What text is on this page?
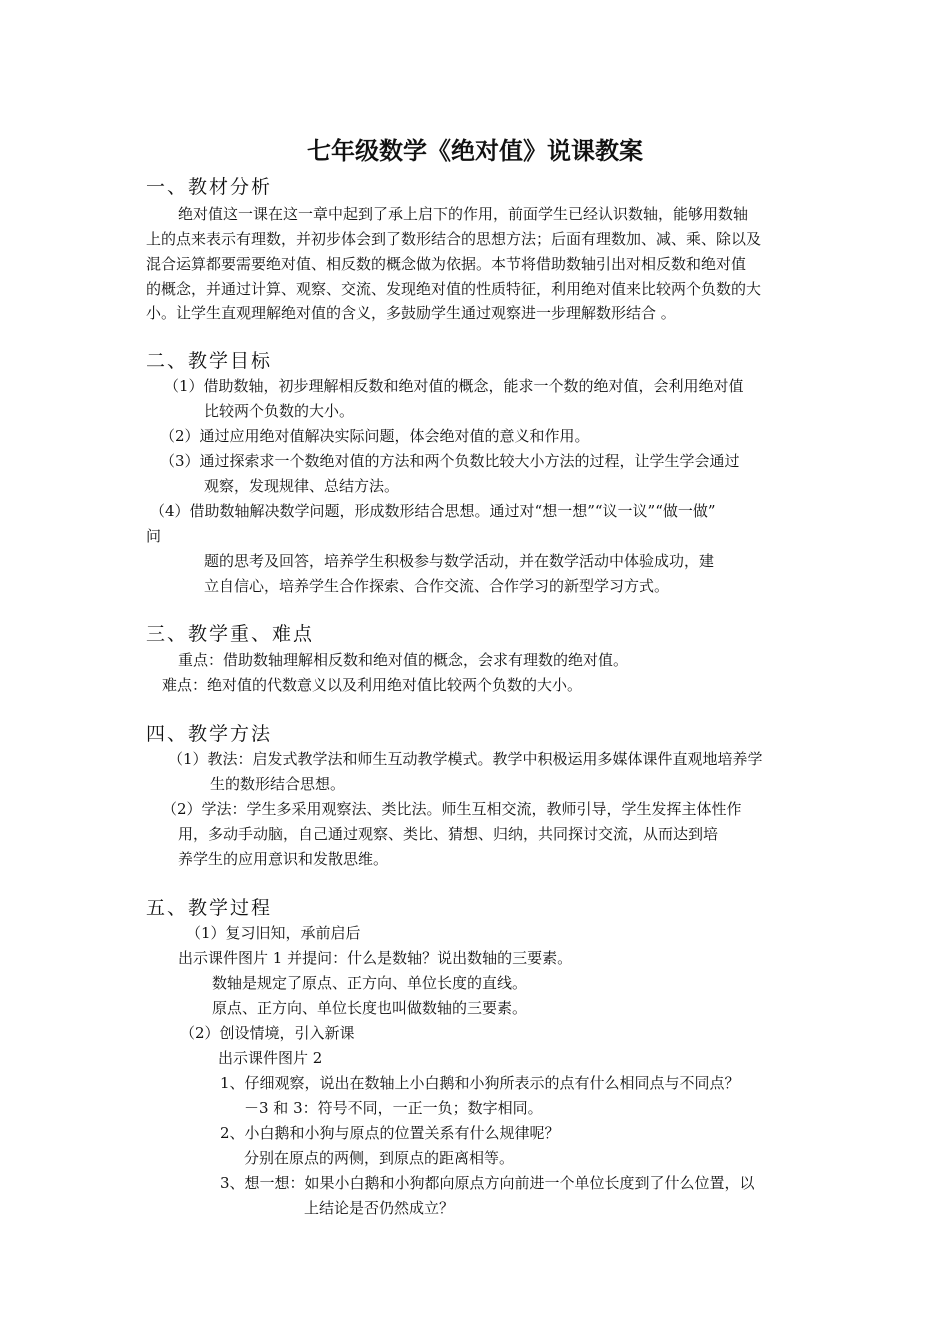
七年级数学《绝对值》说课教案
一、教材分析
绝对值这一课在这一章中起到了承上启下的作用，前面学生已经认识数轴，能够用数轴
上的点来表示有理数，并初步体会到了数形结合的思想方法；后面有理数加、减、乘、除以及
混合运算都要需要绝对值、相反数的概念做为依据。本节将借助数轴引出对相反数和绝对值
的概念，并通过计算、观察、交流、发现绝对值的性质特征，利用绝对值来比较两个负数的大
小。让学生直观理解绝对值的含义，多鼓励学生通过观察进一步理解数形结合 。
二、教学目标
（1）借助数轴，初步理解相反数和绝对值的概念，能求一个数的绝对值，会利用绝对值
比较两个负数的大小。
（2）通过应用绝对值解决实际问题，体会绝对值的意义和作用。
（3）通过探索求一个数绝对值的方法和两个负数比较大小方法的过程，让学生学会通过
观察，发现规律、总结方法。
（4）借助数轴解决数学问题，形成数形结合思想。通过对“想一想”“议一议”“做一做”
问
题的思考及回答，培养学生积极参与数学活动，并在数学活动中体验成功，建
立自信心，培养学生合作探索、合作交流、合作学习的新型学习方式。
三、教学重、难点
重点：借助数轴理解相反数和绝对值的概念，会求有理数的绝对值。
难点：绝对值的代数意义以及利用绝对值比较两个负数的大小。
四、教学方法
（1）教法：启发式教学法和师生互动教学模式。教学中积极运用多媒体课件直观地培养学
生的数形结合思想。
（2）学法：学生多采用观察法、类比法。师生互相交流，教师引导，学生发挥主体性作
用，多动手动脑，自己通过观察、类比、猜想、归纳，共同探讨交流，从而达到培
养学生的应用意识和发散思维。
五、教学过程
（1）复习旧知，承前启后
出示课件图片 1 并提问：什么是数轴？说出数轴的三要素。
数轴是规定了原点、正方向、单位长度的直线。
原点、正方向、单位长度也叫做数轴的三要素。
（2）创设情境，引入新课
出示课件图片 2
1、仔细观察，说出在数轴上小白鹅和小狗所表示的点有什么相同点与不同点？
－3 和 3：符号不同，一正一负；数字相同。
2、小白鹅和小狗与原点的位置关系有什么规律呢？
分别在原点的两侧，到原点的距离相等。
3、想一想：如果小白鹅和小狗都向原点方向前进一个单位长度到了什么位置，以
上结论是否仍然成立？
